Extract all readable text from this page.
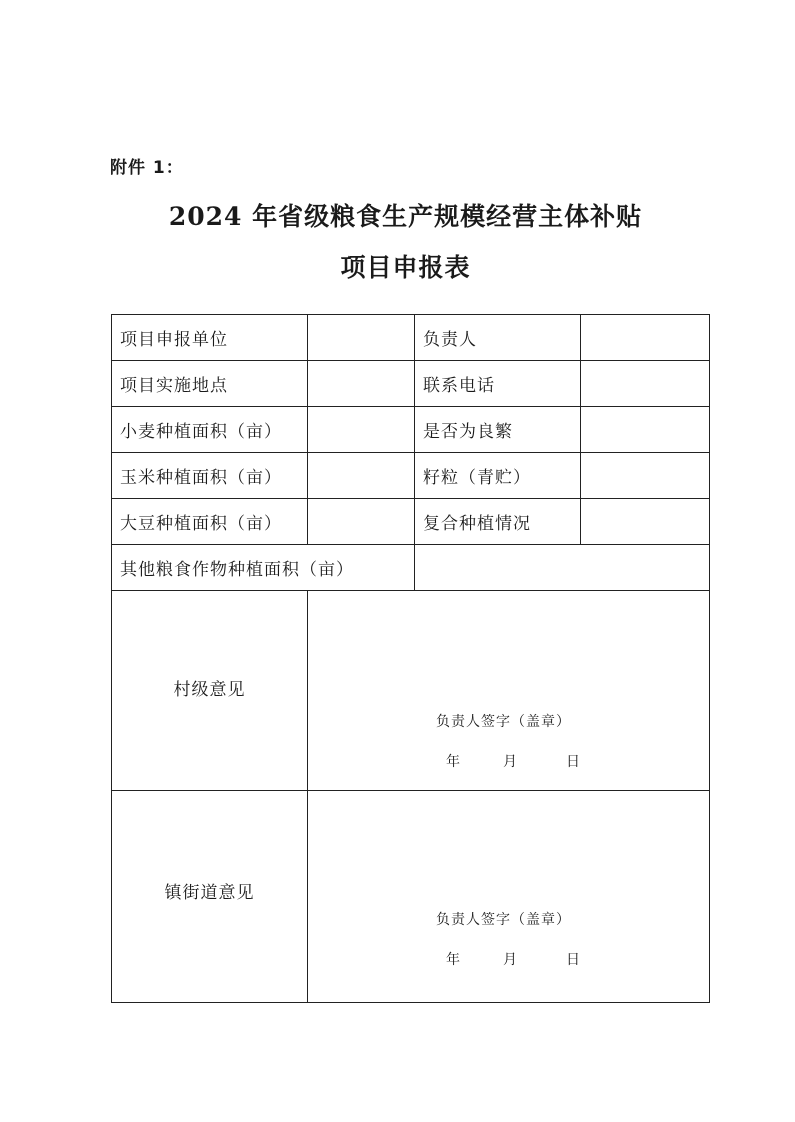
附件 1：
2024 年省级粮食生产规模经营主体补贴
项目申报表
项目申报单位		负责人	
项目实施地点		联系电话	
小麦种植面积（亩）		是否为良繁	
玉米种植面积（亩）		籽粒（青贮）	
大豆种植面积（亩）		复合种植情况	
其他粮食作物种植面积（亩）			
村级意见	负责人签字（盖章）
年 月 日		

镇街道意见	负责人签字（盖章）
年 月 日		
